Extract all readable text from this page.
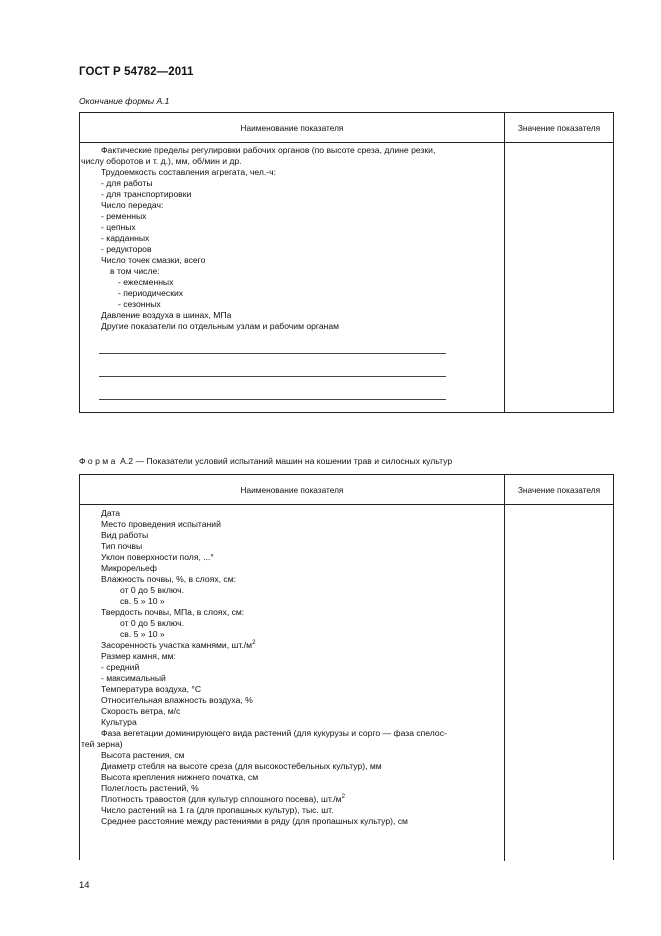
ГОСТ Р 54782—2011
Окончание формы А.1
Наименование показателя	Значение показателя
Фактические пределы регулировки рабочих органов (по высоте среза, длине резки,
числу оборотов и т. д.), мм, об/мин и др.
Трудоемкость составления агрегата, чел.-ч:
- для работы
- для транспортировки
Число передач:
- ременных
- цепных
- карданных
- редукторов
Число точек смазки, всего
в том числе:
- ежесменных
- периодических
- сезонных
Давление воздуха в шинах, МПа
Другие показатели по отдельным узлам и рабочим органам
Форма А.2 — Показатели условий испытаний машин на кошении трав и силосных культур
Наименование показателя	Значение показателя
Дата
Место проведения испытаний
Вид работы
Тип почвы
Уклон поверхности поля, ...°
Микрорельеф
Влажность почвы, %, в слоях, см:
от 0 до 5 включ.
св. 5 » 10 »
Твердость почвы, МПа, в слоях, см:
от 0 до 5 включ.
св. 5 » 10 »
Засоренность участка камнями, $шт./м^2$
Размер камня, мм:
- средний
- максимальный
Температура воздуха, °С
Относительная влажность воздуха, %
Скорость ветра, м/с
Культура
Фаза вегетации доминирующего вида растений (для кукурузы и сорго — фаза спелос-
тей зерна)
Высота растения, см
Диаметр стебля на высоте среза (для высокостебельных культур), мм
Высота крепления нижнего початка, см
Полеглость растений, %
Плотность травостоя (для культур сплошного посева), $шт./м^2$
Число растений на 1 га (для пропашных культур), тыс. шт.
Среднее расстояние между растениями в ряду (для пропашных культур), см
14
